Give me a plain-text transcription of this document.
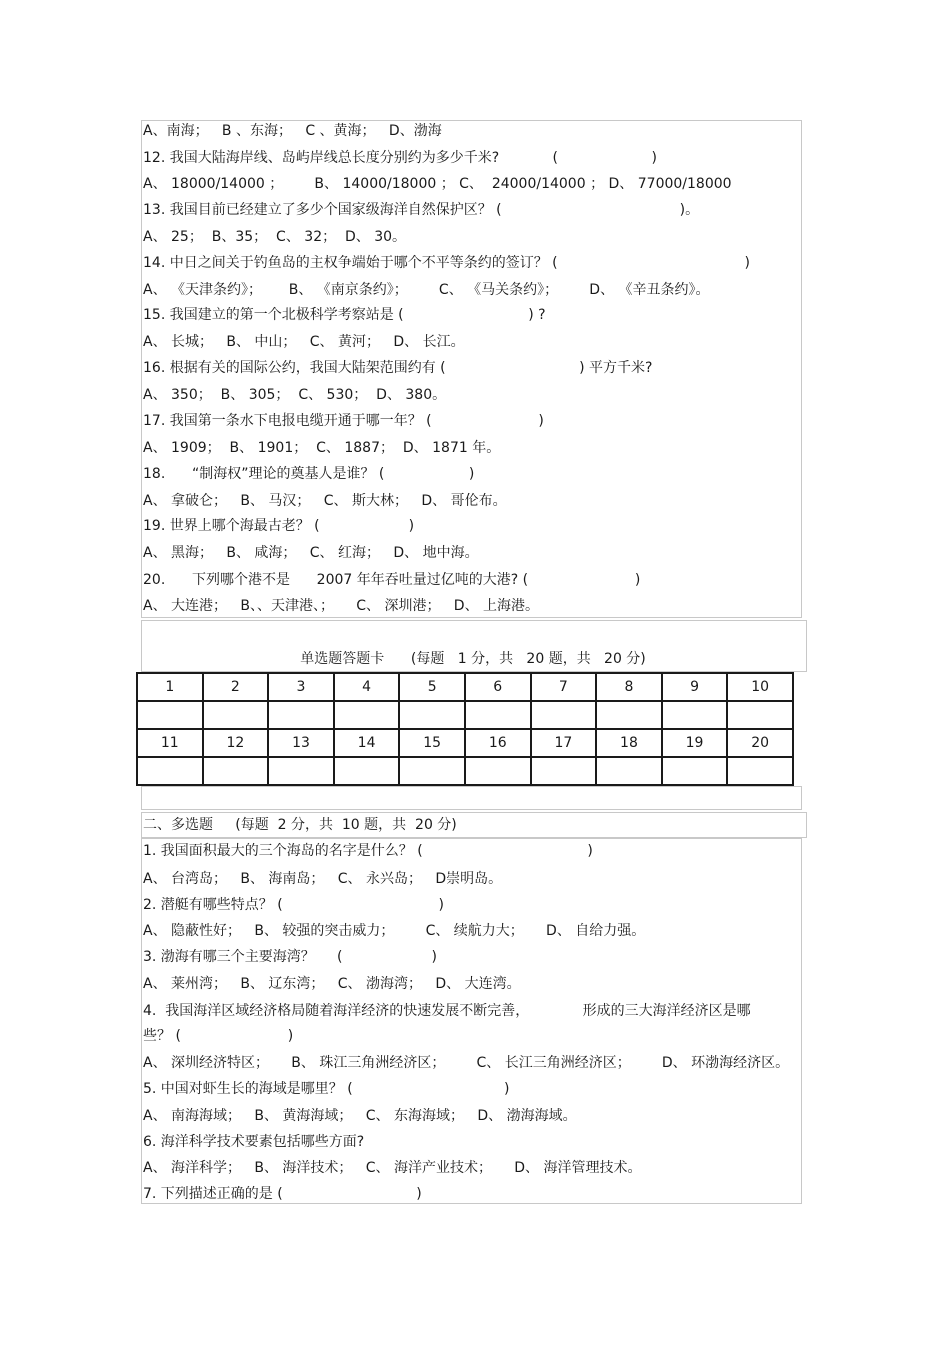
A、南海；   B 、东海；   C 、黄海；   D、渤海
12. 我国大陆海岸线、岛屿岸线总长度分别约为多少千米?            (                     )
A、 18000/14000 ；       B、 14000/18000 ； C、  24000/14000 ； D、 77000/18000
13. 我国目前已经建立了多少个国家级海洋自然保护区？ (                                        )。
A、 25；  B、35；  C、 32；  D、 30。
14. 中日之间关于钓鱼岛的主权争端始于哪个不平等条约的签订？ (                                          )
A、 《天津条约》；      B、 《南京条约》；       C、 《马关条约》；       D、 《辛丑条约》。
15. 我国建立的第一个北极科学考察站是 (                            ) ?
A、 长城；   B、 中山；   C、 黄河；   D、 长江。
16. 根据有关的国际公约，我国大陆架范围约有 (                              ) 平方千米?
A、 350；  B、 305；  C、 530；  D、 380。
17. 我国第一条水下电报电缆开通于哪一年？ (                        )
A、 1909；  B、 1901；  C、 1887；  D、 1871 年。
18.      “制海权”理论的奠基人是谁？ (                   )
A、 拿破仑；   B、 马汉；   C、 斯大林；   D、 哥伦布。
19. 世界上哪个海最古老？ (                    )
A、 黑海；   B、 咸海；   C、 红海；   D、 地中海。
20.      下列哪个港不是      2007 年年吞吐量过亿吨的大港? (                        )
A、 大连港；   B、、天津港、；     C、 深圳港；   D、 上海港。
单选题答题卡      (每题   1 分，共   20 题，共   20 分)
1	2	3	4	5	6	7	8	9	10

11	12	13	14	15	16	17	18	19	20

二、多选题     (每题  2 分，共  10 题，共  20 分)
1. 我国面积最大的三个海岛的名字是什么？ (                                     )
A、 台湾岛；   B、 海南岛；   C、 永兴岛；   D崇明岛。
2. 潜艇有哪些特点？ (                                   )
A、 隐蔽性好；   B、 较强的突击威力；       C、 续航力大；     D、 自给力强。
3. 渤海有哪三个主要海湾？     (                    )
A、 莱州湾；   B、 辽东湾；   C、 渤海湾；   D、 大连湾。
4.  我国海洋区域经济格局随着海洋经济的快速发展不断完善，            形成的三大海洋经济区是哪
些？ (                        )
A、 深圳经济特区；     B、 珠江三角洲经济区；       C、 长江三角洲经济区；       D、 环渤海经济区。
5. 中国对虾生长的海域是哪里？ (                                  )
A、 南海海域；   B、 黄海海域；   C、 东海海域；   D、 渤海海域。
6. 海洋科学技术要素包括哪些方面?
A、 海洋科学；   B、 海洋技术；   C、 海洋产业技术；     D、 海洋管理技术。
7. 下列描述正确的是 (                              )
